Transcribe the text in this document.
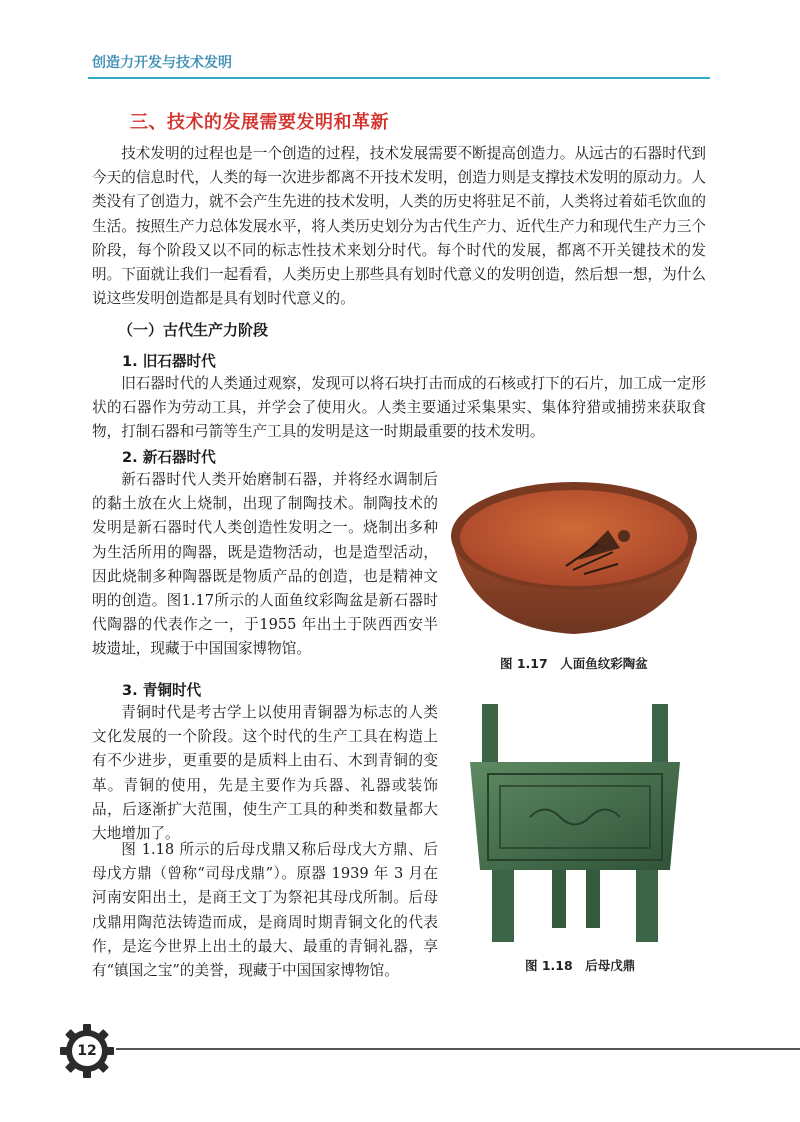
创造力开发与技术发明
三、技术的发展需要发明和革新

技术发明的过程也是一个创造的过程，技术发展需要不断提高创造力。从远古的石器时代到今天的信息时代，人类的每一次进步都离不开技术发明，创造力则是支撑技术发明的原动力。人类没有了创造力，就不会产生先进的技术发明，人类的历史将驻足不前，人类将过着茹毛饮血的生活。按照生产力总体发展水平，将人类历史划分为古代生产力、近代生产力和现代生产力三个阶段，每个阶段又以不同的标志性技术来划分时代。每个时代的发展，都离不开关键技术的发明。下面就让我们一起看看，人类历史上那些具有划时代意义的发明创造，然后想一想，为什么说这些发明创造都是具有划时代意义的。

（一）古代生产力阶段
1. 旧石器时代

旧石器时代的人类通过观察，发现可以将石块打击而成的石核或打下的石片，加工成一定形状的石器作为劳动工具，并学会了使用火。人类主要通过采集果实、集体狩猎或捕捞来获取食物，打制石器和弓箭等生产工具的发明是这一时期最重要的技术发明。

2. 新石器时代

新石器时代人类开始磨制石器，并将经水调制后的黏土放在火上烧制，出现了制陶技术。制陶技术的发明是新石器时代人类创造性发明之一。烧制出多种为生活所用的陶器，既是造物活动，也是造型活动，因此烧制多种陶器既是物质产品的创造，也是精神文明的创造。图1.17所示的人面鱼纹彩陶盆是新石器时代陶器的代表作之一，于1955 年出土于陕西西安半坡遗址，现藏于中国国家博物馆。

3. 青铜时代

青铜时代是考古学上以使用青铜器为标志的人类文化发展的一个阶段。这个时代的生产工具在构造上有不少进步，更重要的是质料上由石、木到青铜的变革。青铜的使用，先是主要作为兵器、礼器或装饰品，后逐渐扩大范围，使生产工具的种类和数量都大大地增加了。

图 1.18 所示的后母戊鼎又称后母戊大方鼎、后母戊方鼎（曾称“司母戊鼎”）。原器 1939 年 3 月在河南安阳出土，是商王文丁为祭祀其母戊所制。后母戊鼎用陶范法铸造而成，是商周时期青铜文化的代表作，是迄今世界上出土的最大、最重的青铜礼器，享有“镇国之宝”的美誉，现藏于中国国家博物馆。

图 1.17　人面鱼纹彩陶盆
图 1.18　后母戊鼎
12
